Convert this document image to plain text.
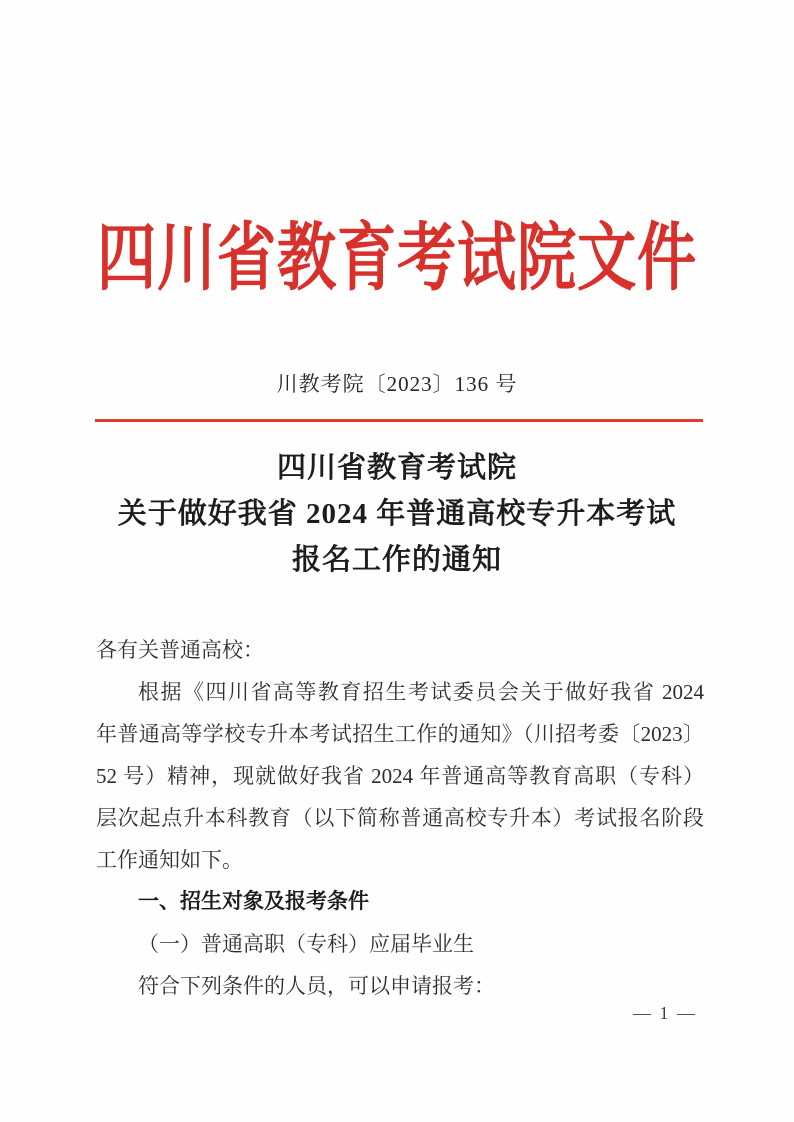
四川省教育考试院文件
川教考院〔2023〕136 号
四川省教育考试院
关于做好我省 2024 年普通高校专升本考试
报名工作的通知
各有关普通高校：
根据《四川省高等教育招生考试委员会关于做好我省 2024
年普通高等学校专升本考试招生工作的通知》（川招考委〔2023〕
52 号）精神，现就做好我省 2024 年普通高等教育高职（专科）
层次起点升本科教育（以下简称普通高校专升本）考试报名阶段
工作通知如下。
一、招生对象及报考条件
（一）普通高职（专科）应届毕业生
符合下列条件的人员，可以申请报考：
— 1 —
